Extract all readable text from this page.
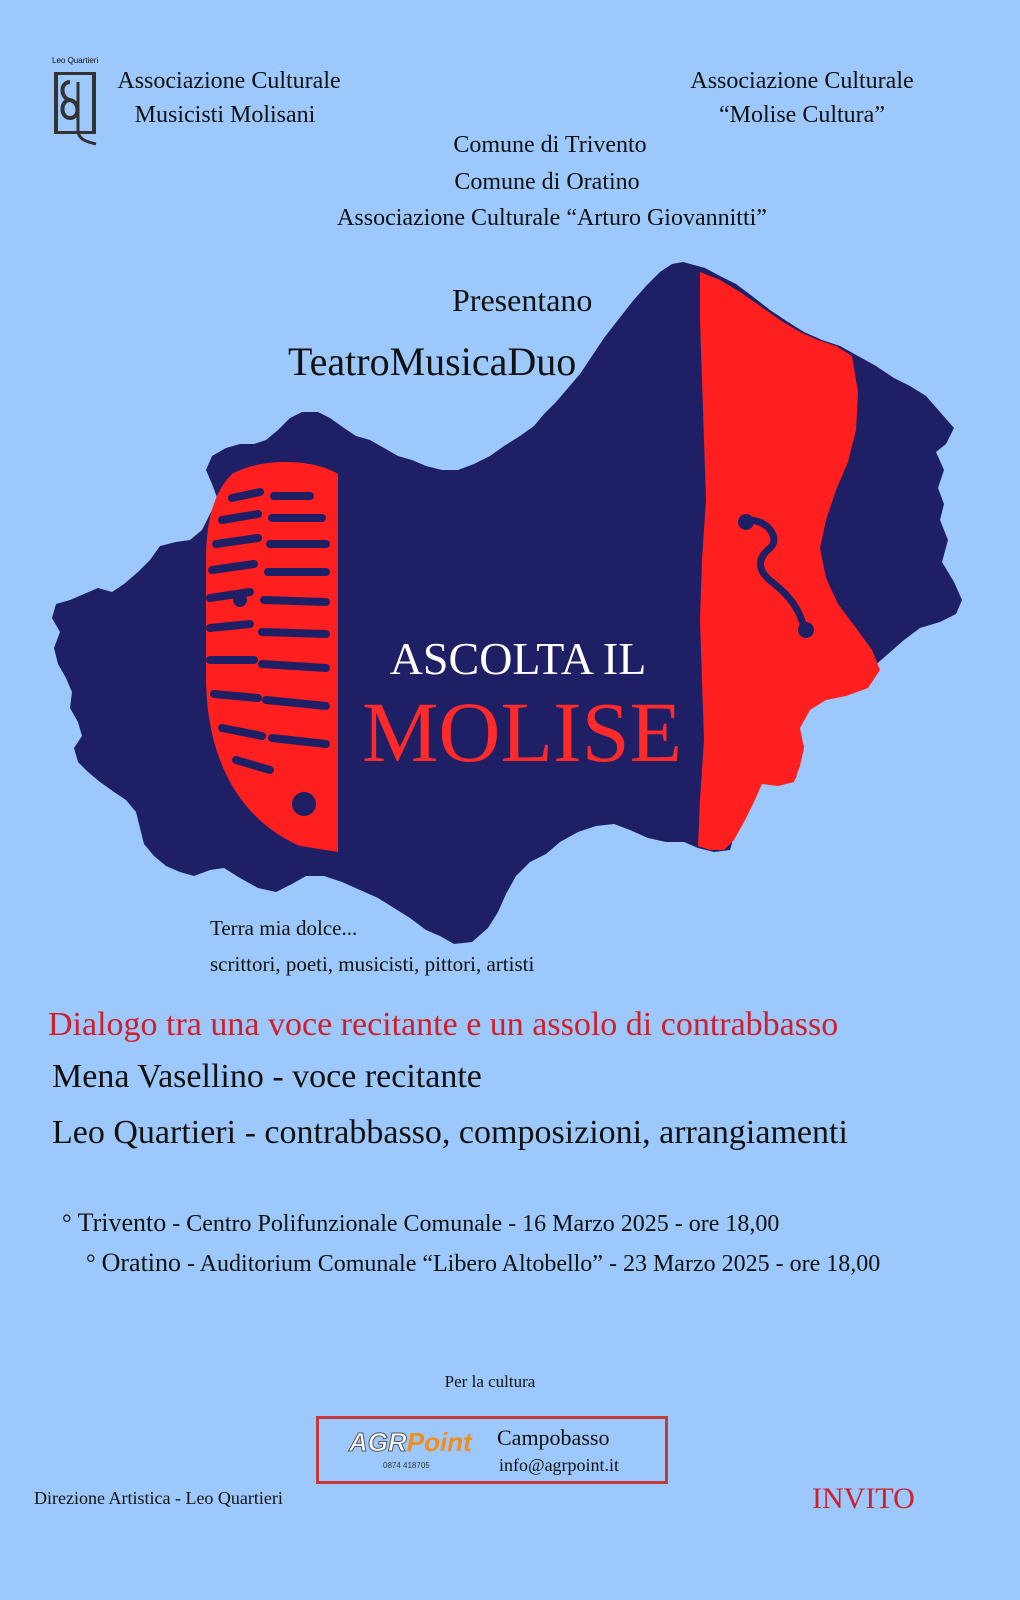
Leo Quartieri
Associazione Culturale
Musicisti Molisani
Associazione Culturale
“Molise Cultura”
Comune di Trivento
Comune di Oratino
Associazione Culturale “Arturo Giovannitti”
Presentano
TeatroMusicaDuo
ASCOLTA IL
MOLISE
Terra mia dolce...
scrittori, poeti, musicisti, pittori, artisti
Dialogo tra una voce recitante e un assolo di contrabbasso
Mena Vasellino - voce recitante
Leo Quartieri - contrabbasso, composizioni, arrangiamenti
° Trivento - Centro Polifunzionale Comunale - 16 Marzo 2025 - ore 18,00
° Oratino - Auditorium Comunale “Libero Altobello” - 23 Marzo 2025 - ore 18,00
Per la cultura
AGRPoint
0874 418705
Campobasso
info@agrpoint.it
Direzione Artistica - Leo Quartieri	INVITO
